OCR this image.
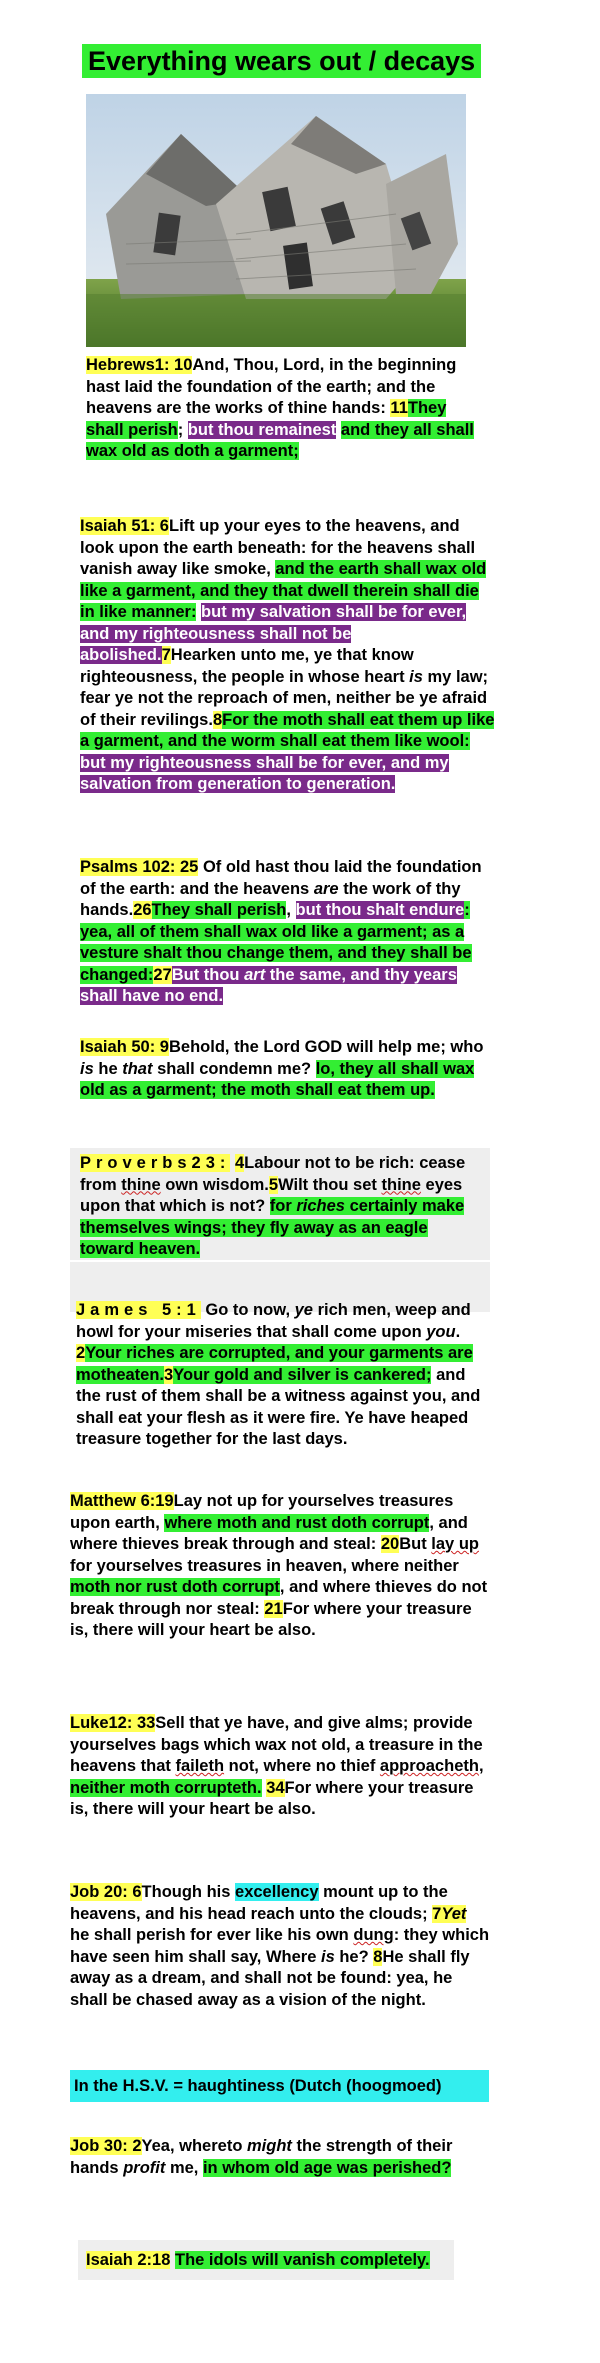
Everything wears out / decays
Hebrews1: 10And, Thou, Lord, in the beginning hast laid the foundation of the earth; and the heavens are the works of thine hands: 11They shall perish; but thou remainest and they all shall wax old as doth a garment;
Isaiah 51: 6Lift up your eyes to the heavens, and look upon the earth beneath: for the heavens shall vanish away like smoke, and the earth shall wax old like a garment, and they that dwell therein shall die in like manner: but my salvation shall be for ever, and my righteousness shall not be abolished.7Hearken unto me, ye that know righteousness, the people in whose heart is my law; fear ye not the reproach of men, neither be ye afraid of their revilings.8For the moth shall eat them up like a garment, and the worm shall eat them like wool: but my righteousness shall be for ever, and my salvation from generation to generation.
Psalms 102: 25 Of old hast thou laid the foundation of the earth: and the heavens are the work of thy hands.26They shall perish, but thou shalt endure: yea, all of them shall wax old like a garment; as a vesture shalt thou change them, and they shall be changed:27But thou art the same, and thy years shall have no end.
Isaiah 50: 9Behold, the Lord GOD will help me; who is he that shall condemn me? lo, they all shall wax old as a garment; the moth shall eat them up.
Proverbs23: 4Labour not to be rich: cease from thine own wisdom.5Wilt thou set thine eyes upon that which is not? for riches certainly make themselves wings; they fly away as an eagle toward heaven.
James 5:1 Go to now, ye rich men, weep and howl for your miseries that shall come upon you. 2Your riches are corrupted, and your garments are motheaten.3Your gold and silver is cankered; and the rust of them shall be a witness against you, and shall eat your flesh as it were fire. Ye have heaped treasure together for the last days.
Matthew 6:19Lay not up for yourselves treasures upon earth, where moth and rust doth corrupt, and where thieves break through and steal: 20But lay up for yourselves treasures in heaven, where neither moth nor rust doth corrupt, and where thieves do not break through nor steal: 21For where your treasure is, there will your heart be also.
Luke12: 33Sell that ye have, and give alms; provide yourselves bags which wax not old, a treasure in the heavens that faileth not, where no thief approacheth, neither moth corrupteth. 34For where your treasure is, there will your heart be also.
Job 20: 6Though his excellency mount up to the heavens, and his head reach unto the clouds; 7Yet he shall perish for ever like his own dung: they which have seen him shall say, Where is he? 8He shall fly away as a dream, and shall not be found: yea, he shall be chased away as a vision of the night.
In the H.S.V. = haughtiness (Dutch (hoogmoed)
Job 30: 2Yea, whereto might the strength of their hands profit me, in whom old age was perished?
Isaiah 2:18 The idols will vanish completely.
